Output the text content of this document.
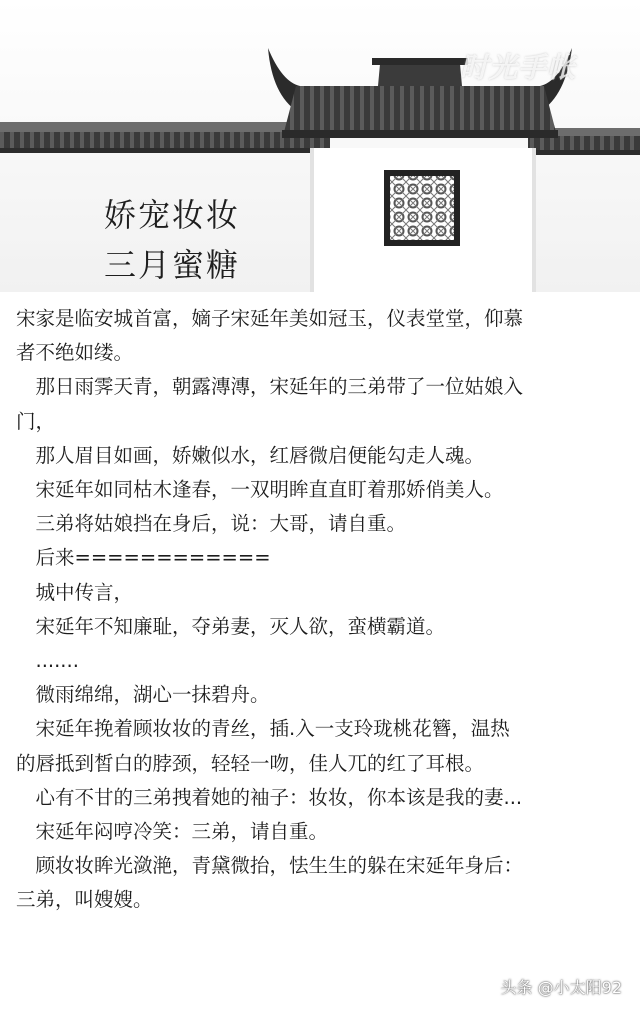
时光手帐
娇宠妆妆
三月蜜糖
宋家是临安城首富，嫡子宋延年美如冠玉，仪表堂堂，仰慕
者不绝如缕。
　那日雨霁天青，朝露漙漙，宋延年的三弟带了一位姑娘入
门，
　那人眉目如画，娇嫩似水，红唇微启便能勾走人魂。
　宋延年如同枯木逢春，一双明眸直直盯着那娇俏美人。
　三弟将姑娘挡在身后，说：大哥，请自重。
　后来============
　城中传言，
　宋延年不知廉耻，夺弟妻，灭人欲，蛮横霸道。
　.......
　微雨绵绵，湖心一抹碧舟。
　宋延年挽着顾妆妆的青丝，插.入一支玲珑桃花簪，温热
的唇抵到皙白的脖颈，轻轻一吻，佳人兀的红了耳根。
　心有不甘的三弟拽着她的袖子：妆妆，你本该是我的妻...
　宋延年闷哼冷笑：三弟，请自重。
　顾妆妆眸光潋滟，青黛微抬，怯生生的躲在宋延年身后：
三弟，叫嫂嫂。
头条 @小太阳92
